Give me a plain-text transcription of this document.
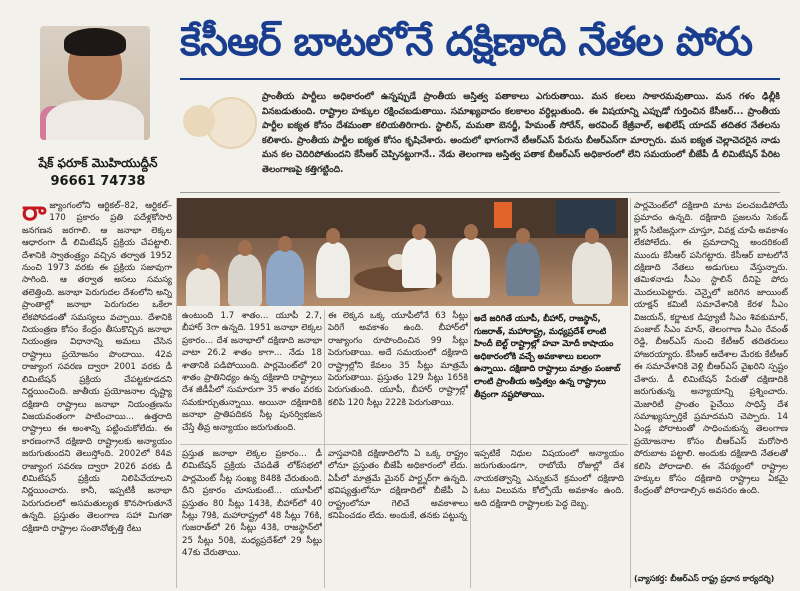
షేక్ ఫరూక్ మొహియుద్దీన్
96661 74738
కేసీఆర్ బాటలోనే దక్షిణాది నేతల పోరు
ప్రాంతీయ పార్టీలు అధికారంలో ఉన్నప్పుడే ప్రాంతీయ అస్తిత్వ పతాకాలు ఎగురుతాయి. మన కలలు సాకారమవుతాయి. మన గళం ఢిల్లీకి వినబడుతుంది. రాష్ట్రాల హక్కుల రక్షించబడుతాయి. సమాఖ్యవాదం కలకాలం వర్ధిల్లుతుంది. ఈ విషయాన్ని ఎప్పుడో గుర్తించిన కేసీఆర్... ప్రాంతీయ పార్టీల ఐక్యత కోసం దేశమంతా కలియతిరిగారు. స్టాలిన్, మమతా బెనర్జీ, హేమంత్ సోరేన్, అరవింద్ కేజ్రీవాల్, అఖిలేష్ యాదవ్ తదితర నేతలను కలిశారు. ప్రాంతీయ పార్టీల ఐక్యత కోసం కృషిచేశారు. అందులో భాగంగానే టీఆర్ఎస్ పేరును బీఆర్ఎస్‌గా మార్చారు. మన ఐక్యత చెల్లాచెదరైన నాడు మన కల చెదిరిపోతుందని కేసీఆర్ చెప్పినట్టుగానే.. నేడు తెలంగాణ అస్తిత్వ పతాక బీఆర్ఎస్ అధికారంలో లేని సమయంలో బీజేపీ డీ లిమిటేషన్ పేరిట తెలంగాణపై కత్తిగట్టింది.
రా జ్యాంగంలోని ఆర్టికల్–82, ఆర్టికల్–170 ప్రకారం ప్రతి పదేళ్లకోసారి జనగణన జరగాలి. ఆ జనాభా లెక్కల ఆధారంగా డీ లిమిటేషన్ ప్రక్రియ చేపట్టాలి. దేశానికి స్వాతంత్ర్యం వచ్చిన తర్వాత 1952 నుంచి 1973 వరకు ఈ ప్రక్రియ సజావుగా సాగింది. ఆ తర్వాత అసలు సమస్య తలెత్తింది. జనాభా పెరుగుదల దేశంలోని అన్ని ప్రాంతాల్లో జనాభా పెరుగుదల ఒకేలా లేకపోవడంతో సమస్యలు వచ్చాయి. దేశానికి నియంత్రణ కోసం కేంద్రం తీసుకొచ్చిన జనాభా నియంత్రణ విధానాన్ని అమలు చేసిన రాష్ట్రాలు ప్రయోజనం పొందాయి. 42వ రాజ్యాంగ సవరణ ద్వారా 2001 వరకు డీ లిమిటేషన్ ప్రక్రియ చేపట్టకూడదని నిర్ణయించింది. జాతీయ ప్రయోజనాల దృష్ట్యా దక్షిణాది రాష్ట్రాలు జనాభా నియంత్రణను విజయవంతంగా పాటించాయి... ఉత్తరాది రాష్ట్రాలు ఈ అంశాన్ని పట్టించుకోలేదు. ఈ కారణంగానే దక్షిణాది రాష్ట్రాలకు అన్యాయం జరుగుతుందని తెలుస్తోంది. 2002లో 84వ రాజ్యాంగ సవరణ ద్వారా 2026 వరకు డీ లిమిటేషన్ ప్రక్రియ నిలిపివేయాలని నిర్ణయించారు. కానీ, ఇప్పటికీ జనాభా పెరుగుదలలో అసమతుల్యత కొనసాగుతూనే ఉన్నది. ప్రస్తుతం తెలంగాణ సహా మిగతా దక్షిణాది రాష్ట్రాల సంతానోత్పత్తి రేటు
ఉంటుంది 1.7 శాతం... యూపీ 2.7, బీహార్ 3గా ఉన్నది. 1951 జనాభా లెక్కల ప్రకారం... దేశ జనాభాలో దక్షిణాది జనాభా వాటా 26.2 శాతం కాగా... నేడు 18 శాతానికి పడిపోయింది. పార్లమెంట్‌లో 20 శాతం ప్రాతినిధ్యం ఉన్న దక్షిణాది రాష్ట్రాలు దేశ జీడీపీలో సుమారుగా 35 శాతం వరకు సమకూర్చుతున్నాయి. అయినా దక్షిణాదికి జనాభా ప్రాతిపదికన సీట్ల పునర్విభజన చేస్తే తీవ్ర అన్యాయం జరుగుతుంది.
ఈ లెక్కన ఒక్క యూపీలోనే 63 సీట్లు పెరిగే అవకాశం ఉంది. బీహార్‌లో రాజ్యాంగం రూపొందించిన 99 సీట్లు పెరుగుతాయి. అదే సమయంలో దక్షిణాది రాష్ట్రాల్లోని కేవలం 35 సీట్లు మాత్రమే పెరుగుతాయి. ప్రస్తుతం 129 సీట్లు 165కి పెరుగుతుంది. యూపీ, బీహార్ రాష్ట్రాల్లో కలిపి 120 సీట్లు 222కి పెరుగుతాయి.
అదే జరిగితే యూపీ, బీహార్, రాజస్థాన్, గుజరాత్, మహారాష్ట్ర, మధ్యప్రదేశ్ లాంటి హిందీ బెల్ట్ రాష్ట్రాల్లో హవా మోదీ కాషాయం అధికారంలోకి వచ్చే అవకాశాలు బలంగా ఉన్నాయి. దక్షిణాది రాష్ట్రాలు మాత్రం పంజాబ్ లాంటి ప్రాంతీయ అస్తిత్వం ఉన్న రాష్ట్రాలు తీవ్రంగా నష్టపోతాయి.
ప్రస్తుత జనాభా లెక్కల ప్రకారం... డీ లిమిటేషన్ ప్రక్రియ చేపడితే లోక్‌సభలో పార్లమెంట్ సీట్ల సంఖ్య 848కి చేరుతుంది. దీని ప్రకారం చూసుకుంటే... యూపీలో ప్రస్తుతం 80 సీట్లు 143కి, బీహార్‌లో 40 సీట్లు 79కి, మహారాష్ట్రలో 48 సీట్లు 76కి, గుజరాత్‌లో 26 సీట్లు 43కి, రాజస్థాన్‌లో 25 సీట్లు 50కి, మధ్యప్రదేశ్‌లో 29 సీట్లు 47కు చేరుతాయి.
వాస్తవానికి దక్షిణాదిలోని ఏ ఒక్క రాష్ట్రం లోనూ ప్రస్తుతం బీజేపీ అధికారంలో లేదు. ఏపీలో మాత్రమే మైనర్ పార్ట్నర్‌గా ఉన్నది. భవిష్యత్తులోనూ దక్షిణాదిలో బీజేపీ ఏ రాష్ట్రంలోనూ గెలిచే అవకాశాలు కనిపించడం లేదు. అందుకే, తనకు పట్టున్న
ఇప్పటికే నిధుల విషయంలో అన్యాయం జరుగుతుండగా, రాబోయే రోజుల్లో దేశ నాయకత్వాన్ని ఎన్నుకునే క్రమంలో దక్షిణాది ఓటు విలువను కోల్పోయే అవకాశం ఉంది. అది దక్షిణాది రాష్ట్రాలకు పెద్ద దెబ్బ.
పార్లమెంట్‌లో దక్షిణాది మాట పలచబడిపోయే ప్రమాదం ఉన్నది. దక్షిణాది ప్రజలను సెకండ్ క్లాస్ సిటిజన్లుగా చూస్తూ, వివక్ష చూపే అవకాశం లేకపోలేదు. ఈ ప్రమాదాన్ని అందరికంటే ముందు కేసీఆర్ పసిగట్టారు. కేసీఆర్ బాటలోనే దక్షిణాది నేతలు అడుగులు వేస్తున్నారు. తమిళనాడు సీఎం స్టాలిన్ దీనిపై పోరు మొదలుపెట్టారు. చెన్నైలో జరిగిన జాయింట్ యాక్షన్ కమిటీ సమావేశానికి కేరళ సీఎం విజయన్, కర్ణాటక డిప్యూటీ సీఎం శివకుమార్, పంజాబ్ సీఎం మాన్, తెలంగాణ సీఎం రేవంత్ రెడ్డి, బీఆర్ఎస్ నుంచి కేటీఆర్ తదితరులు హాజరయ్యారు. కేసీఆర్ ఆదేశాల మేరకు కేటీఆర్ ఈ సమావేశానికి వెళ్లి బీఆర్ఎస్ వైఖరిని స్పష్టం చేశారు. డీ లిమిటేషన్ పేరుతో దక్షిణాదికి జరుగుతున్న అన్యాయాన్ని ప్రశ్నించారు. మెజారిటీ ప్రాంతం పైచేయి సాధిస్తే దేశ సమాఖ్యస్ఫూర్తికే ప్రమాదమని చెప్పారు. 14 ఏండ్ల పోరాటంతో సాధించుకున్న తెలంగాణ ప్రయోజనాల కోసం బీఆర్ఎస్ మరోసారి పోరుబాట పట్టాలి. అందుకు దక్షిణాది నేతలతో కలిసి పోరాడాలి. ఈ నేపథ్యంలో రాష్ట్రాల హక్కుల కోసం దక్షిణాది రాష్ట్రాలు ఏకమై కేంద్రంతో పోరాడాల్సిన అవసరం ఉంది.
(వ్యాసకర్త: బీఆర్ఎస్ రాష్ట్ర ప్రధాన కార్యదర్శి)
